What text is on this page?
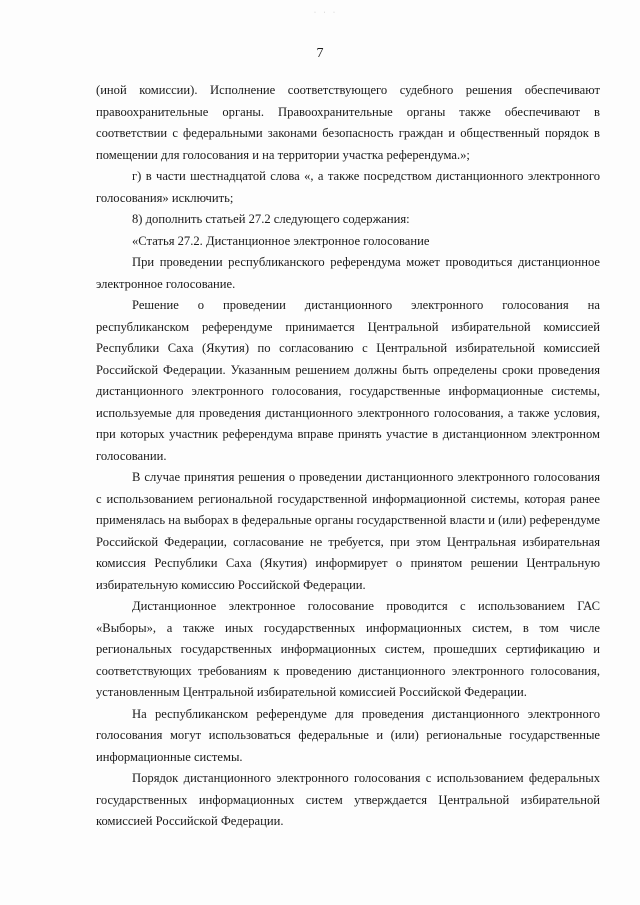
· · ·

7

(иной комиссии). Исполнение соответствующего судебного решения обеспечивают правоохранительные органы. Правоохранительные органы также обеспечивают в соответствии с федеральными законами безопасность граждан и общественный порядок в помещении для голосования и на территории участка референдума.»;

г) в части шестнадцатой слова «, а также посредством дистанционного электронного голосования» исключить;

8) дополнить статьей 27.2 следующего содержания:

«Статья 27.2. Дистанционное электронное голосование

При проведении республиканского референдума может проводиться дистанционное электронное голосование.

Решение о проведении дистанционного электронного голосования на республиканском референдуме принимается Центральной избирательной комиссией Республики Саха (Якутия) по согласованию с Центральной избирательной комиссией Российской Федерации. Указанным решением должны быть определены сроки проведения дистанционного электронного голосования, государственные информационные системы, используемые для проведения дистанционного электронного голосования, а также условия, при которых участник референдума вправе принять участие в дистанционном электронном голосовании.

В случае принятия решения о проведении дистанционного электронного голосования с использованием региональной государственной информационной системы, которая ранее применялась на выборах в федеральные органы государственной власти и (или) референдуме Российской Федерации, согласование не требуется, при этом Центральная избирательная комиссия Республики Саха (Якутия) информирует о принятом решении Центральную избирательную комиссию Российской Федерации.

Дистанционное электронное голосование проводится с использованием ГАС «Выборы», а также иных государственных информационных систем, в том числе региональных государственных информационных систем, прошедших сертификацию и соответствующих требованиям к проведению дистанционного электронного голосования, установленным Центральной избирательной комиссией Российской Федерации.

На республиканском референдуме для проведения дистанционного электронного голосования могут использоваться федеральные и (или) региональные государственные информационные системы.

Порядок дистанционного электронного голосования с использованием федеральных государственных информационных систем утверждается Центральной избирательной комиссией Российской Федерации.
